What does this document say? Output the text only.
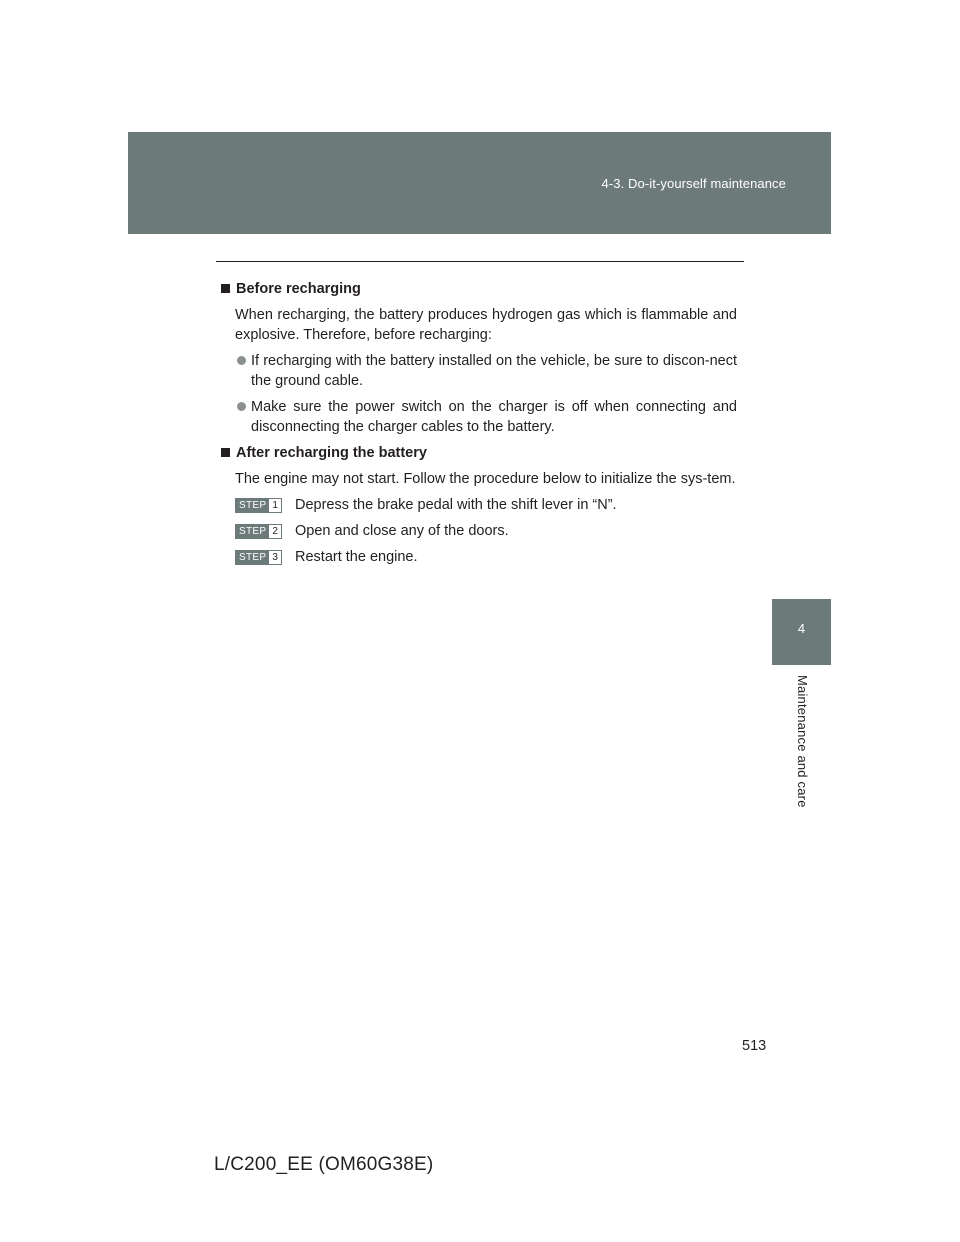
4-3. Do-it-yourself maintenance
4
Maintenance and care
Before recharging

When recharging, the battery produces hydrogen gas which is flammable and explosive. Therefore, before recharging:

If recharging with the battery installed on the vehicle, be sure to discon-nect the ground cable.
Make sure the power switch on the charger is off when connecting and disconnecting the charger cables to the battery.
After recharging the battery

The engine may not start. Follow the procedure below to initialize the sys-tem.

STEP 1 Depress the brake pedal with the shift lever in “N”.
STEP 2 Open and close any of the doors.
STEP 3 Restart the engine.
513
L/C200_EE (OM60G38E)
